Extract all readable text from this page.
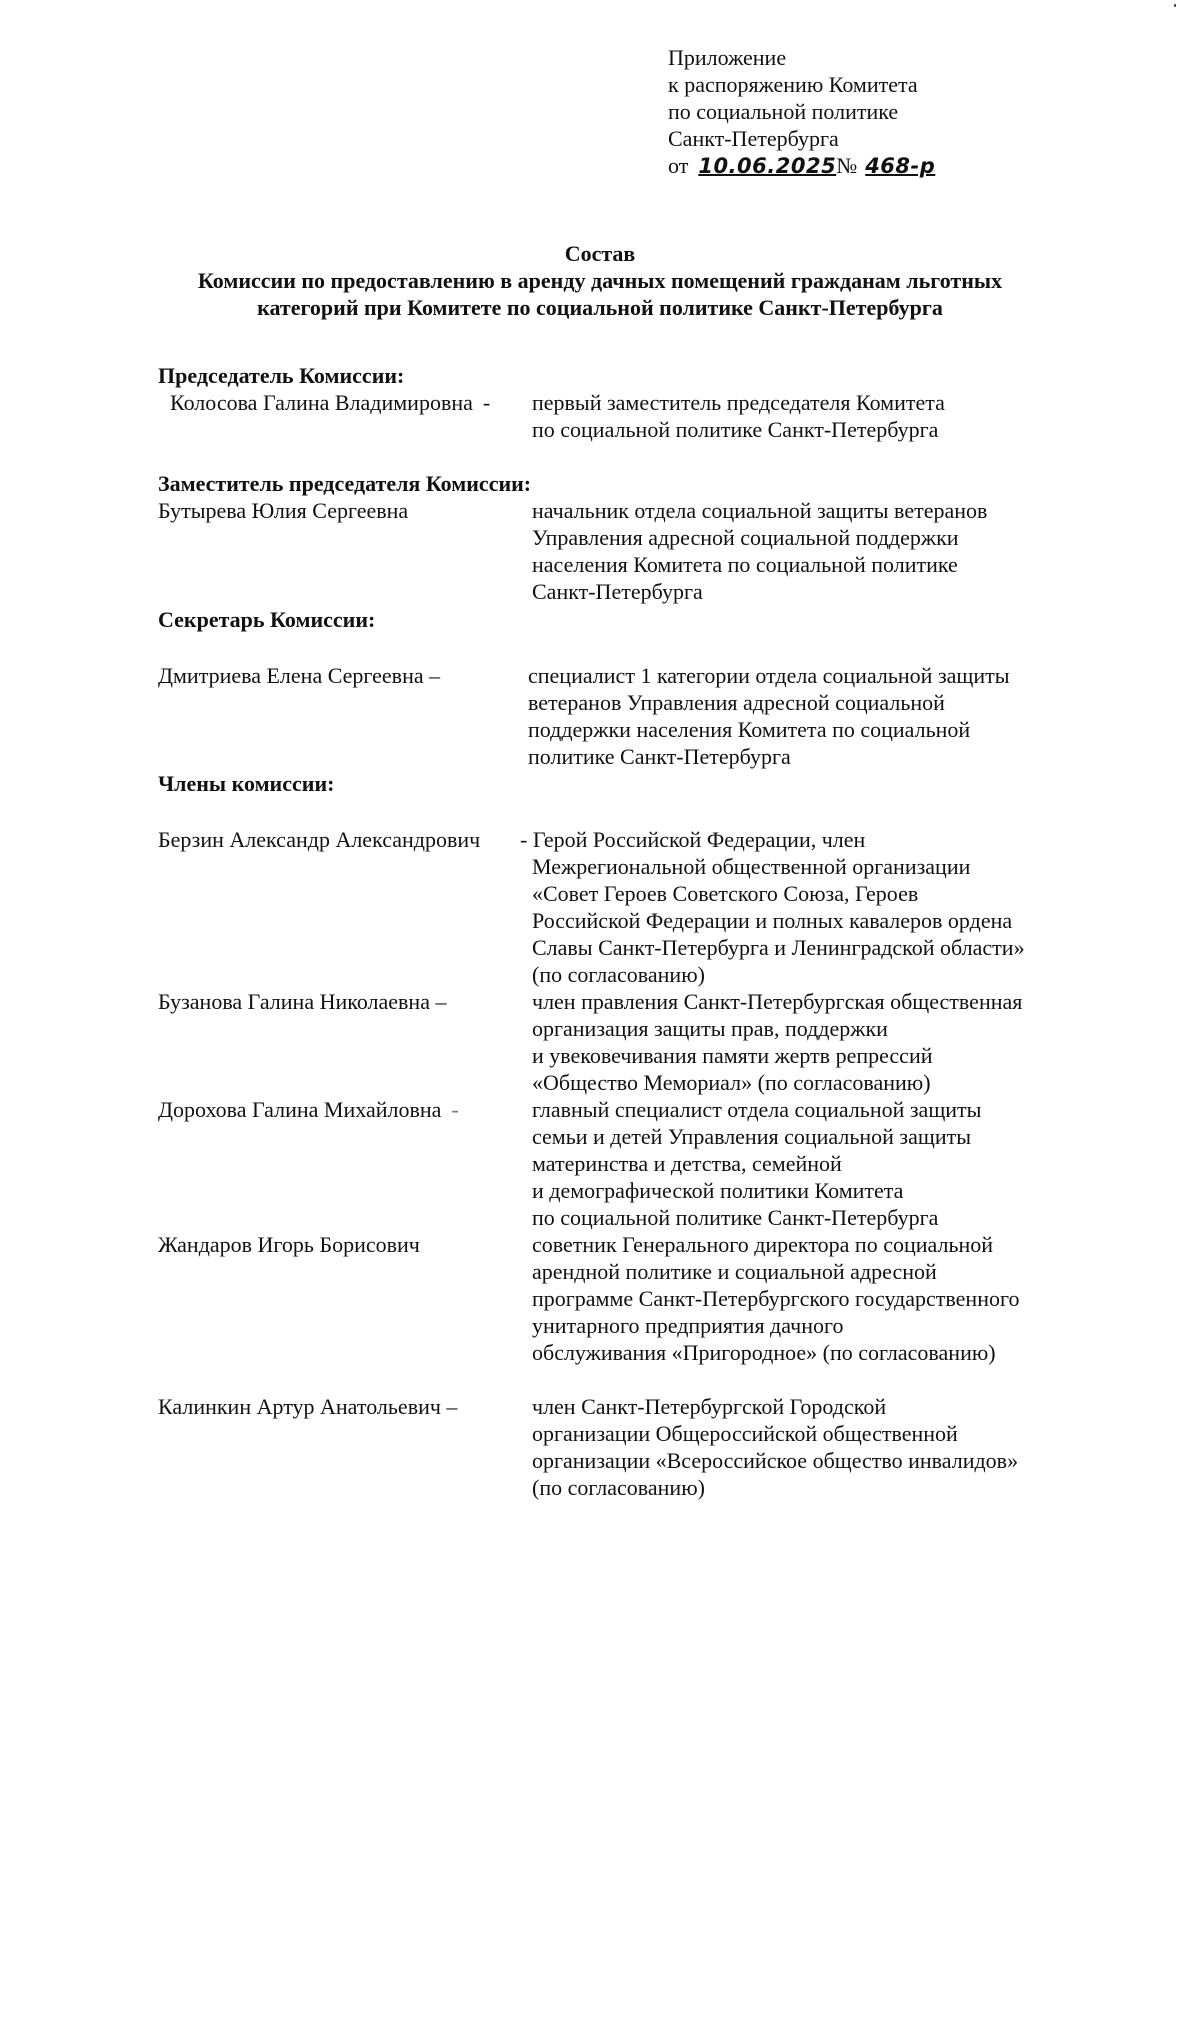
Приложение
к распоряжению Комитета
по социальной политике
Санкт-Петербурга
от 10.06.2025 № 468-р
Состав
Комиссии по предоставлению в аренду дачных помещений гражданам льготных
категорий при Комитете по социальной политике Санкт-Петербурга
Председатель Комиссии:
Колосова Галина Владимировна - первый заместитель председателя Комитета
по социальной политике Санкт-Петербурга
Заместитель председателя Комиссии:
Бутырева Юлия Сергеевна	начальник отдела социальной защиты ветеранов
Управления адресной социальной поддержки
населения Комитета по социальной политике
Санкт-Петербурга
Секретарь Комиссии:
Дмитриева Елена Сергеевна –	специалист 1 категории отдела социальной защиты
ветеранов Управления адресной социальной
поддержки населения Комитета по социальной
политике Санкт-Петербурга
Члены комиссии:
Берзин Александр Александрович - Герой Российской Федерации, член
Межрегиональной общественной организации
«Совет Героев Советского Союза, Героев
Российской Федерации и полных кавалеров ордена
Славы Санкт-Петербурга и Ленинградской области»
(по согласованию)
Бузанова Галина Николаевна –	член правления Санкт-Петербургская общественная
организация защиты прав, поддержки
и увековечивания памяти жертв репрессий
«Общество Мемориал» (по согласованию)
Дорохова Галина Михайловна -	главный специалист отдела социальной защиты
семьи и детей Управления социальной защиты
материнства и детства, семейной
и демографической политики Комитета
по социальной политике Санкт-Петербурга
Жандаров Игорь Борисович	советник Генерального директора по социальной
арендной политике и социальной адресной
программе Санкт-Петербургского государственного
унитарного предприятия дачного
обслуживания «Пригородное» (по согласованию)
Калинкин Артур Анатольевич –	член Санкт-Петербургской Городской
организации Общероссийской общественной
организации «Всероссийское общество инвалидов»
(по согласованию)
